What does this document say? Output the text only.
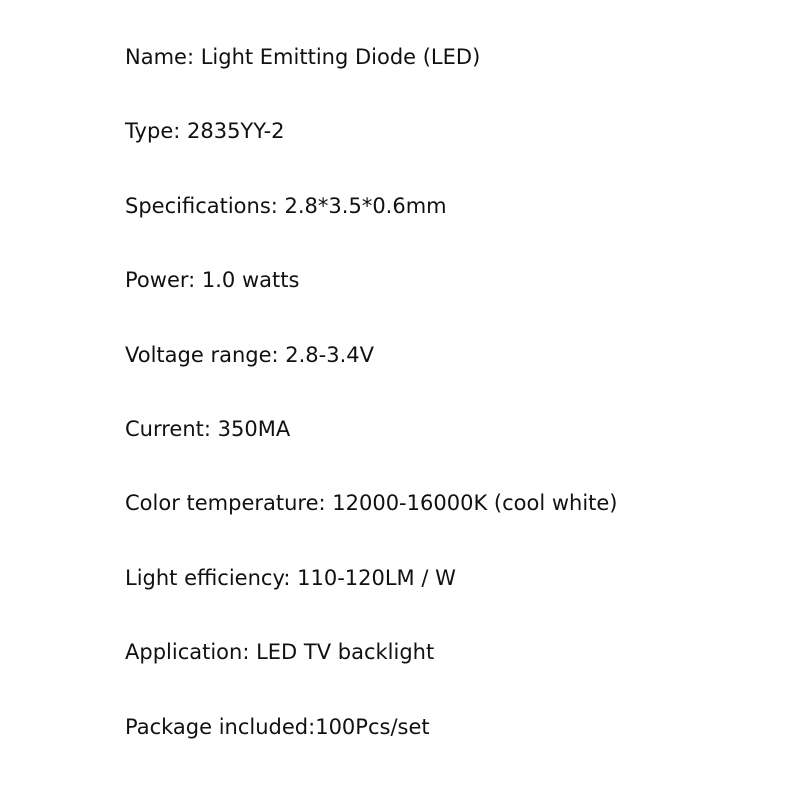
Name: Light Emitting Diode (LED)
Type: 2835YY-2
Specifications: 2.8*3.5*0.6mm
Power: 1.0 watts
Voltage range: 2.8-3.4V
Current: 350MA
Color temperature: 12000-16000K (cool white)
Light efficiency: 110-120LM / W
Application: LED TV backlight
Package included:100Pcs/set
